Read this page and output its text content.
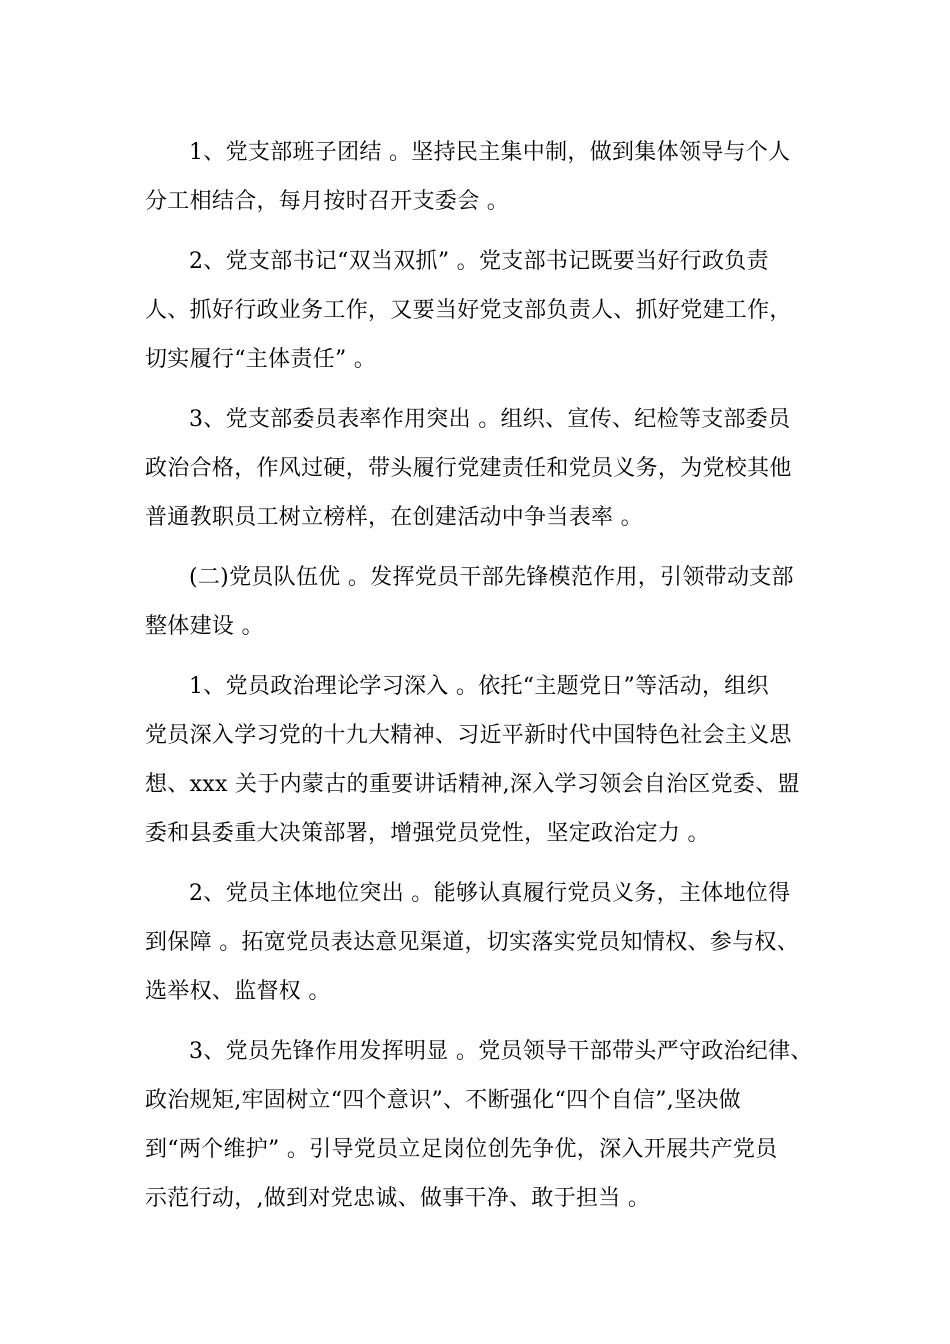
1、党支部班子团结 。坚持民主集中制，做到集体领导与个人
分工相结合，每月按时召开支委会 。
2、党支部书记“双当双抓” 。党支部书记既要当好行政负责
人、抓好行政业务工作，又要当好党支部负责人、抓好党建工作，
切实履行“主体责任” 。
3、党支部委员表率作用突出 。组织、宣传、纪检等支部委员
政治合格，作风过硬，带头履行党建责任和党员义务，为党校其他
普通教职员工树立榜样，在创建活动中争当表率 。
(二)党员队伍优 。发挥党员干部先锋模范作用，引领带动支部
整体建设 。
1、党员政治理论学习深入 。依托“主题党日”等活动，组织
党员深入学习党的十九大精神、习近平新时代中国特色社会主义思
想、xxx 关于内蒙古的重要讲话精神,深入学习领会自治区党委、盟
委和县委重大决策部署，增强党员党性，坚定政治定力 。
2、党员主体地位突出 。能够认真履行党员义务，主体地位得
到保障 。拓宽党员表达意见渠道，切实落实党员知情权、参与权、
选举权、监督权 。
3、党员先锋作用发挥明显 。党员领导干部带头严守政治纪律、
政治规矩,牢固树立“四个意识”、不断强化“四个自信”,坚决做
到“两个维护” 。引导党员立足岗位创先争优，深入开展共产党员
示范行动，,做到对党忠诚、做事干净、敢于担当 。
